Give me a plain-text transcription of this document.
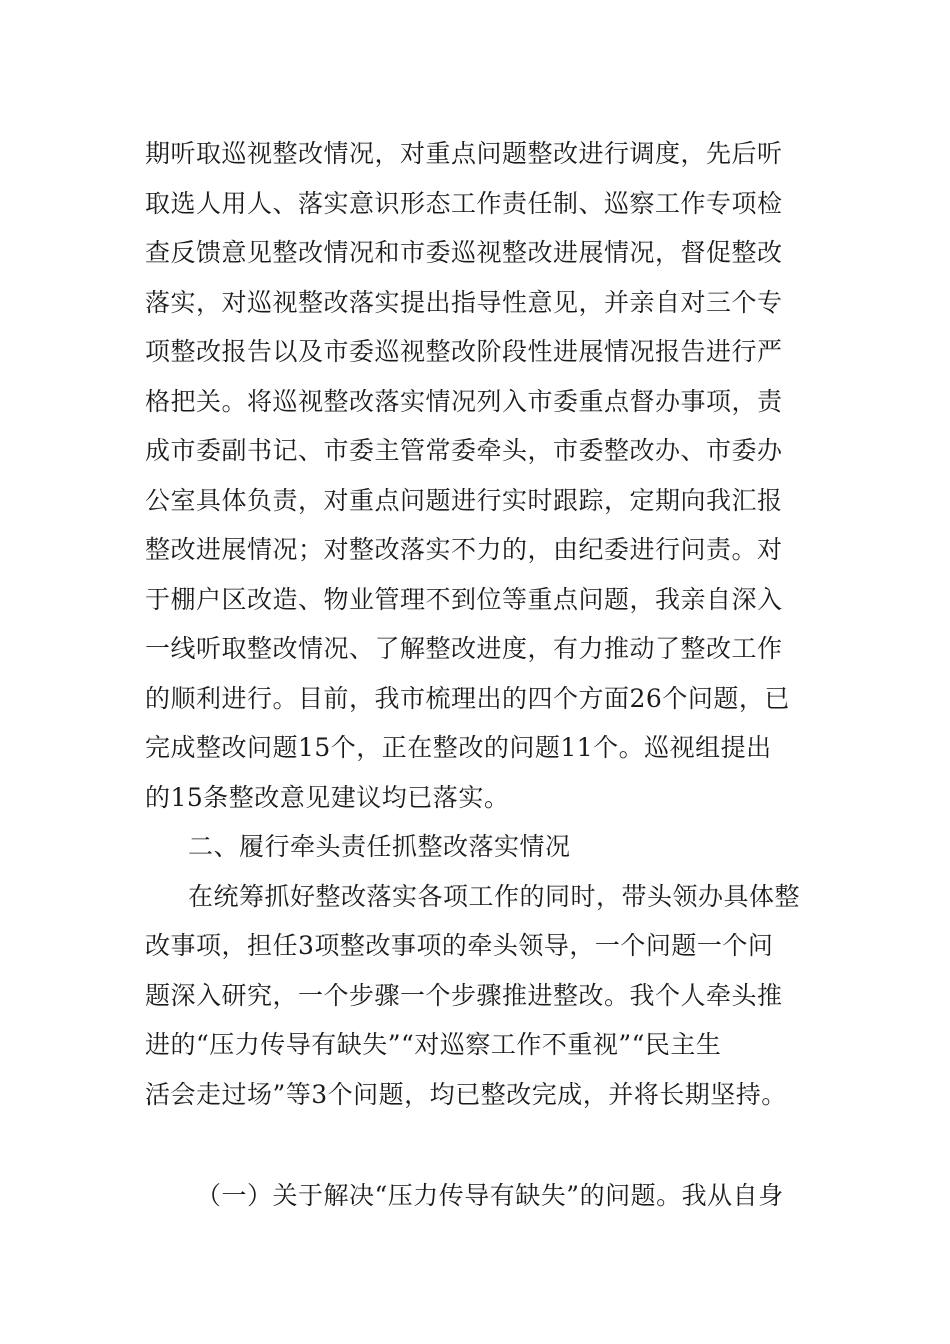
期听取巡视整改情况，对重点问题整改进行调度，先后听
取选人用人、落实意识形态工作责任制、巡察工作专项检
查反馈意见整改情况和市委巡视整改进展情况，督促整改
落实，对巡视整改落实提出指导性意见，并亲自对三个专
项整改报告以及市委巡视整改阶段性进展情况报告进行严
格把关。将巡视整改落实情况列入市委重点督办事项，责
成市委副书记、市委主管常委牵头，市委整改办、市委办
公室具体负责，对重点问题进行实时跟踪，定期向我汇报
整改进展情况；对整改落实不力的，由纪委进行问责。对
于棚户区改造、物业管理不到位等重点问题，我亲自深入
一线听取整改情况、了解整改进度，有力推动了整改工作
的顺利进行。目前，我市梳理出的四个方面26个问题，已
完成整改问题15个，正在整改的问题11个。巡视组提出
的15条整改意见建议均已落实。
二、履行牵头责任抓整改落实情况
在统筹抓好整改落实各项工作的同时，带头领办具体整
改事项，担任3项整改事项的牵头领导，一个问题一个问
题深入研究，一个步骤一个步骤推进整改。我个人牵头推
进的“压力传导有缺失”“对巡察工作不重视”“民主生
活会走过场”等3个问题，均已整改完成，并将长期坚持。
（一）关于解决“压力传导有缺失”的问题。我从自身
